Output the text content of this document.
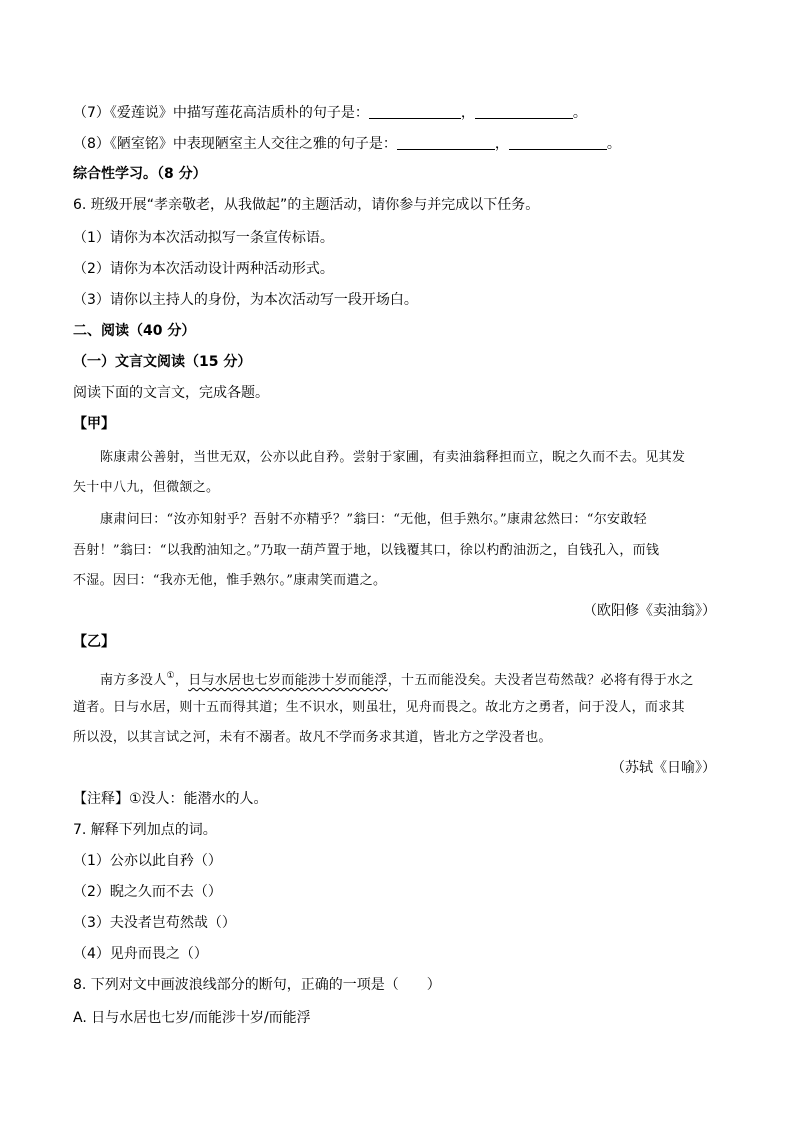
（7）《爱莲说》中描写莲花高洁质朴的句子是：	，	。
（8）《陋室铭》中表现陋室主人交往之雅的句子是：	，	。
综合性学习。（8 分）
6. 班级开展“孝亲敬老，从我做起”的主题活动，请你参与并完成以下任务。
（1）请你为本次活动拟写一条宣传标语。
（2）请你为本次活动设计两种活动形式。
（3）请你以主持人的身份，为本次活动写一段开场白。
二、阅读（40 分）
（一）文言文阅读（15 分）
阅读下面的文言文，完成各题。
【甲】
陈康肃公善射，当世无双，公亦以此自矜。尝射于家圃，有卖油翁释担而立，睨之久而不去。见其发
矢十中八九，但微颔之。
康肃问曰：“汝亦知射乎？吾射不亦精乎？”翁曰：“无他，但手熟尔。”康肃忿然曰：“尔安敢轻
吾射！”翁曰：“以我酌油知之。”乃取一葫芦置于地，以钱覆其口，徐以杓酌油沥之，自钱孔入，而钱
不湿。因曰：“我亦无他，惟手熟尔。”康肃笑而遣之。
（欧阳修《卖油翁》）
【乙】
南方多没人①，日与水居也七岁而能涉十岁而能浮，十五而能没矣。夫没者岂苟然哉？必将有得于水之
道者。日与水居，则十五而得其道；生不识水，则虽壮，见舟而畏之。故北方之勇者，问于没人，而求其
所以没，以其言试之河，未有不溺者。故凡不学而务求其道，皆北方之学没者也。
（苏轼《日喻》）
【注释】①没人：能潜水的人。
7. 解释下列加点的词。
（1）公亦以此自矜（）
（2）睨之久而不去（）
（3）夫没者岂苟然哉（）
（4）见舟而畏之（）
8. 下列对文中画波浪线部分的断句，正确的一项是（　　）
A. 日与水居也七岁/而能涉十岁/而能浮
